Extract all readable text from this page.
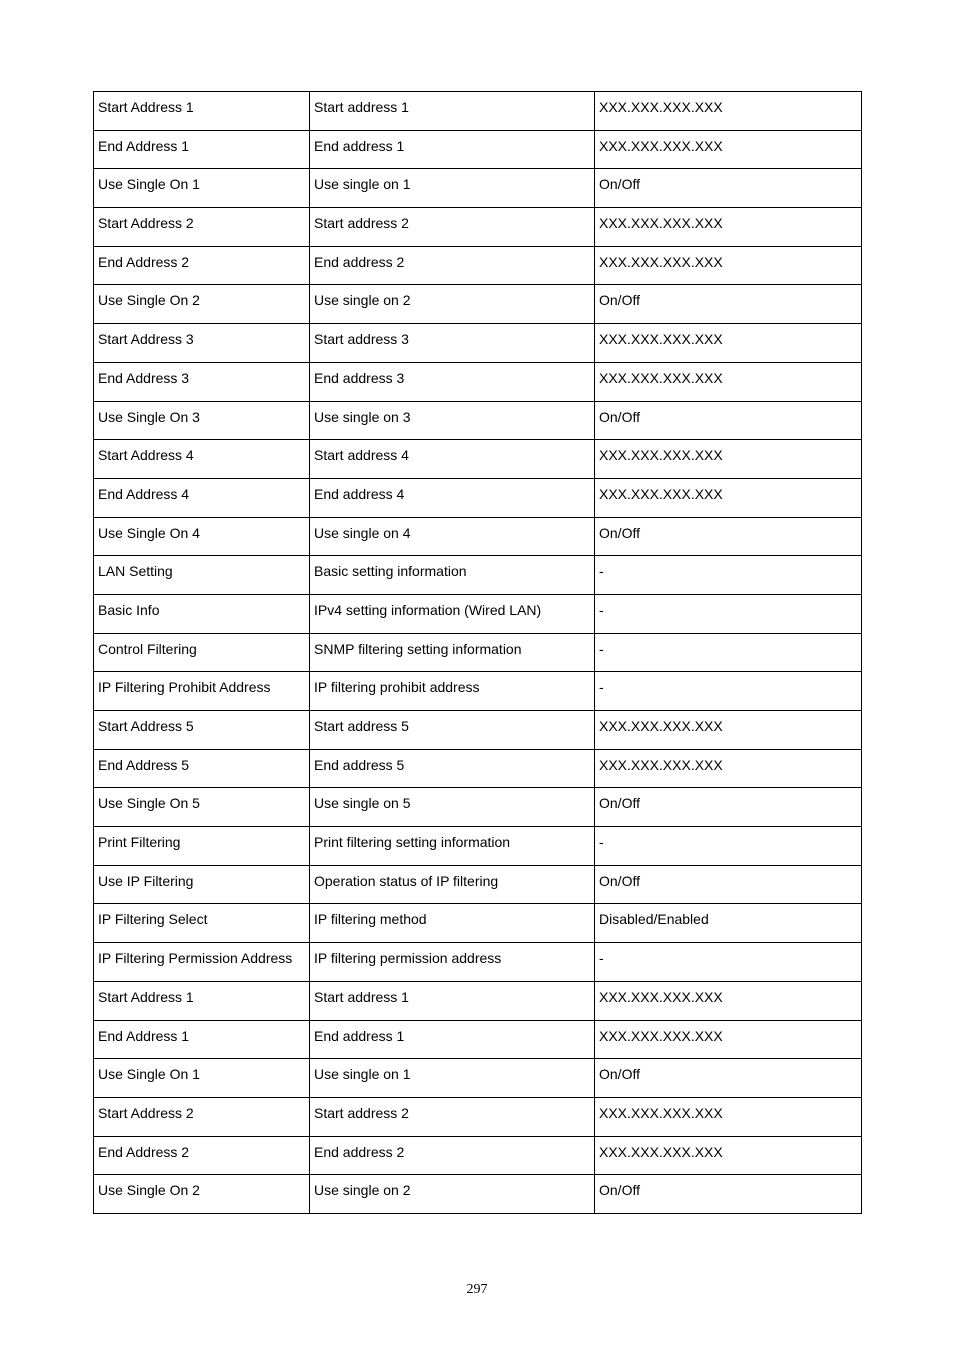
Start Address 1	Start address 1	XXX.XXX.XXX.XXX
End Address 1	End address 1	XXX.XXX.XXX.XXX
Use Single On 1	Use single on 1	On/Off
Start Address 2	Start address 2	XXX.XXX.XXX.XXX
End Address 2	End address 2	XXX.XXX.XXX.XXX
Use Single On 2	Use single on 2	On/Off
Start Address 3	Start address 3	XXX.XXX.XXX.XXX
End Address 3	End address 3	XXX.XXX.XXX.XXX
Use Single On 3	Use single on 3	On/Off
Start Address 4	Start address 4	XXX.XXX.XXX.XXX
End Address 4	End address 4	XXX.XXX.XXX.XXX
Use Single On 4	Use single on 4	On/Off
LAN Setting	Basic setting information	-
Basic Info	IPv4 setting information (Wired LAN)	-
Control Filtering	SNMP filtering setting information	-
IP Filtering Prohibit Address	IP filtering prohibit address	-
Start Address 5	Start address 5	XXX.XXX.XXX.XXX
End Address 5	End address 5	XXX.XXX.XXX.XXX
Use Single On 5	Use single on 5	On/Off
Print Filtering	Print filtering setting information	-
Use IP Filtering	Operation status of IP filtering	On/Off
IP Filtering Select	IP filtering method	Disabled/Enabled
IP Filtering Permission Address	IP filtering permission address	-
Start Address 1	Start address 1	XXX.XXX.XXX.XXX
End Address 1	End address 1	XXX.XXX.XXX.XXX
Use Single On 1	Use single on 1	On/Off
Start Address 2	Start address 2	XXX.XXX.XXX.XXX
End Address 2	End address 2	XXX.XXX.XXX.XXX
Use Single On 2	Use single on 2	On/Off
297
